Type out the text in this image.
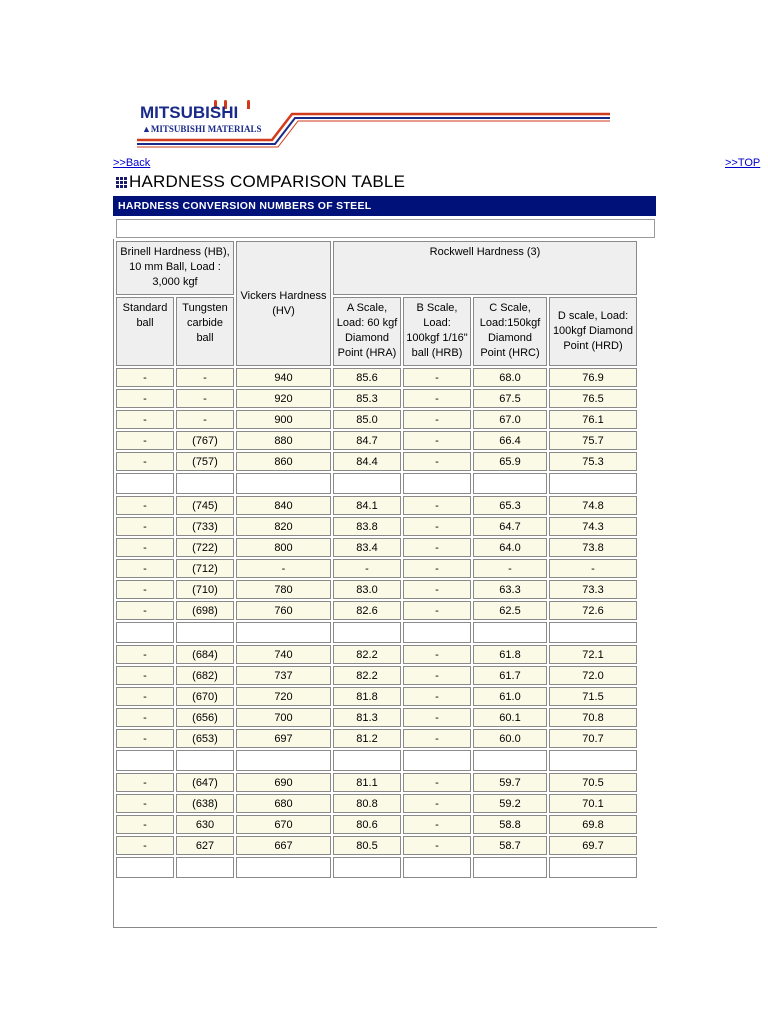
MITSUBISHI
▲MITSUBISHI MATERIALS
>>Back	>>TOP
HARDNESS COMPARISON TABLE
HARDNESS CONVERSION NUMBERS OF STEEL
Brinell Hardness (HB), 10 mm Ball, Load : 3,000 kgf		Vickers Hardness (HV)	Rockwell Hardness (3)			
Standard ball	Tungsten carbide ball		A Scale, Load: 60 kgf Diamond Point (HRA)	B Scale, Load: 100kgf 1/16" ball (HRB)	C Scale, Load:150kgf Diamond Point (HRC)	D scale, Load: 100kgf Diamond Point (HRD)
-	-	940	85.6	-	68.0	76.9
-	-	920	85.3	-	67.5	76.5
-	-	900	85.0	-	67.0	76.1
-	(767)	880	84.7	-	66.4	75.7
-	(757)	860	84.4	-	65.9	75.3

-	(745)	840	84.1	-	65.3	74.8
-	(733)	820	83.8	-	64.7	74.3
-	(722)	800	83.4	-	64.0	73.8
-	(712)	-	-	-	-	-
-	(710)	780	83.0	-	63.3	73.3
-	(698)	760	82.6	-	62.5	72.6

-	(684)	740	82.2	-	61.8	72.1
-	(682)	737	82.2	-	61.7	72.0
-	(670)	720	81.8	-	61.0	71.5
-	(656)	700	81.3	-	60.1	70.8
-	(653)	697	81.2	-	60.0	70.7

-	(647)	690	81.1	-	59.7	70.5
-	(638)	680	80.8	-	59.2	70.1
-	630	670	80.6	-	58.8	69.8
-	627	667	80.5	-	58.7	69.7
